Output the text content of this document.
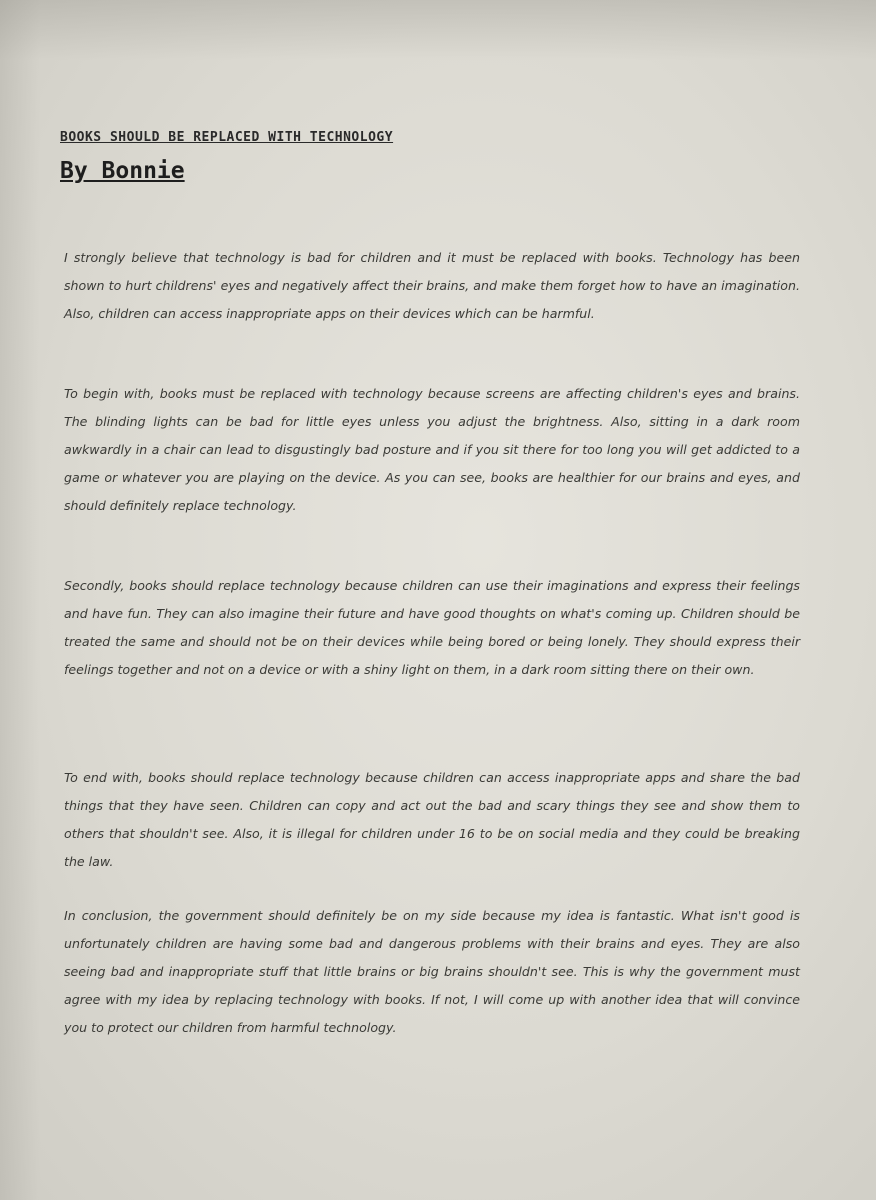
BOOKS SHOULD BE REPLACED WITH TECHNOLOGY
By Bonnie

I strongly believe that technology is bad for children and it must be replaced with books. Technology has been shown to hurt childrens' eyes and negatively affect their brains, and make them forget how to have an imagination. Also, children can access inappropriate apps on their devices which can be harmful.

To begin with, books must be replaced with technology because screens are affecting children's eyes and brains. The blinding lights can be bad for little eyes unless you adjust the brightness. Also, sitting in a dark room awkwardly in a chair can lead to disgustingly bad posture and if you sit there for too long you will get addicted to a game or whatever you are playing on the device. As you can see, books are healthier for our brains and eyes, and should definitely replace technology.

Secondly, books should replace technology because children can use their imaginations and express their feelings and have fun. They can also imagine their future and have good thoughts on what's coming up. Children should be treated the same and should not be on their devices while being bored or being lonely. They should express their feelings together and not on a device or with a shiny light on them, in a dark room sitting there on their own.

To end with, books should replace technology because children can access inappropriate apps and share the bad things that they have seen. Children can copy and act out the bad and scary things they see and show them to others that shouldn't see. Also, it is illegal for children under 16 to be on social media and they could be breaking the law.

In conclusion, the government should definitely be on my side because my idea is fantastic. What isn't good is unfortunately children are having some bad and dangerous problems with their brains and eyes. They are also seeing bad and inappropriate stuff that little brains or big brains shouldn't see. This is why the government must agree with my idea by replacing technology with books. If not, I will come up with another idea that will convince you to protect our children from harmful technology.
